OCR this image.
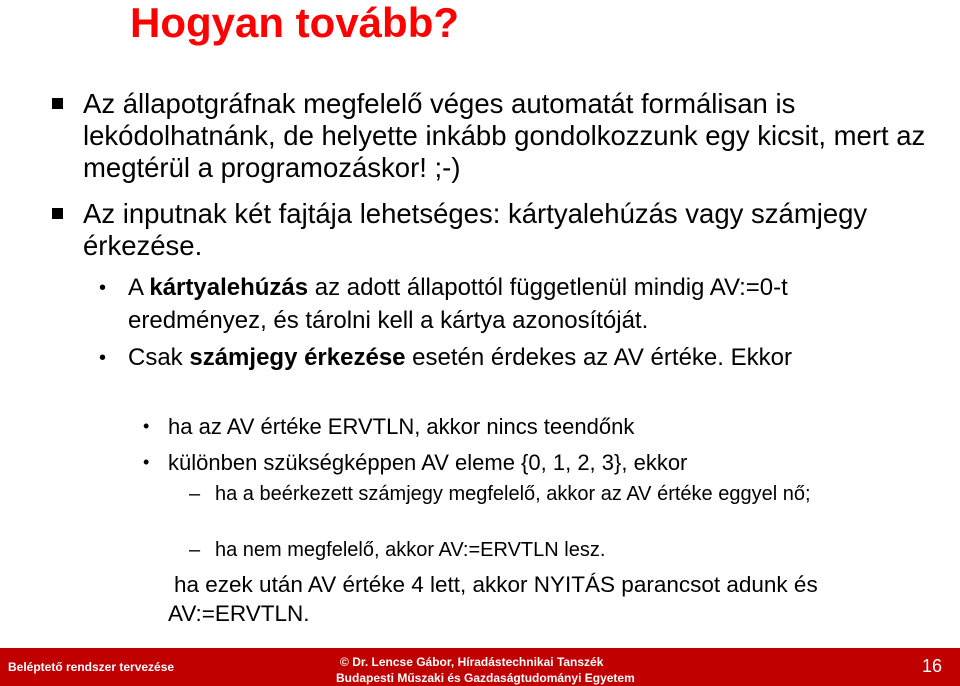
Hogyan tovább?
Az állapotgráfnak megfelelő véges automatát formálisan is lekódolhatnánk, de helyette inkább gondolkozzunk egy kicsit, mert az megtérül a programozáskor! ;-)
Az inputnak két fajtája lehetséges: kártyalehúzás vagy számjegy érkezése.
• A kártyalehúzás az adott állapottól függetlenül mindig AV:=0-t eredményez, és tárolni kell a kártya azonosítóját.
• Csak számjegy érkezése esetén érdekes az AV értéke. Ekkor
• ha az AV értéke ERVTLN, akkor nincs teendőnk
• különben szükségképpen AV eleme {0, 1, 2, 3}, ekkor
– ha a beérkezett számjegy megfelelő, akkor az AV értéke eggyel nő;
– ha nem megfelelő, akkor AV:=ERVTLN lesz.
ha ezek után AV értéke 4 lett, akkor NYITÁS parancsot adunk és AV:=ERVTLN.
Beléptető rendszer tervezése	© Dr. Lencse Gábor, Híradástechnikai Tanszék
Budapesti Műszaki és Gazdaságtudományi Egyetem
16
